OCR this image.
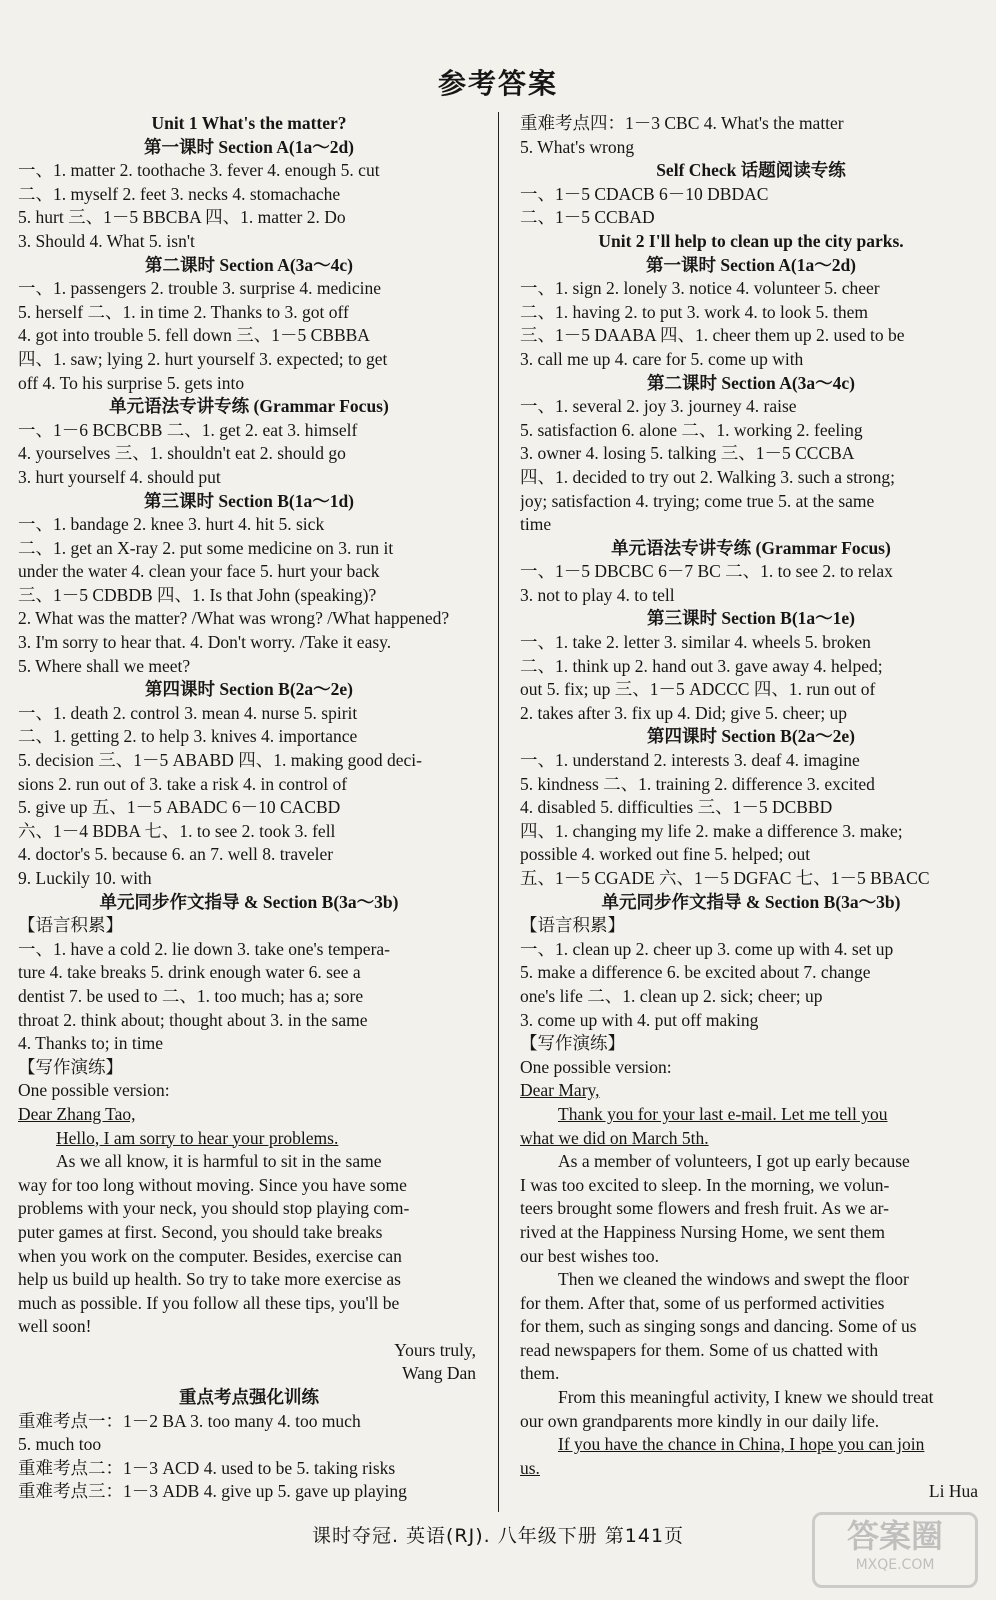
参考答案
Unit 1 What's the matter?
第一课时 Section A(1a～2d)
一、1. matter 2. toothache 3. fever 4. enough 5. cut
二、1. myself 2. feet 3. necks 4. stomachache
5. hurt 三、1－5 BBCBA 四、1. matter 2. Do
3. Should 4. What 5. isn't
第二课时 Section A(3a～4c)
一、1. passengers 2. trouble 3. surprise 4. medicine
5. herself 二、1. in time 2. Thanks to 3. got off
4. got into trouble 5. fell down 三、1－5 CBBBA
四、1. saw; lying 2. hurt yourself 3. expected; to get
off 4. To his surprise 5. gets into
单元语法专讲专练 (Grammar Focus)
一、1－6 BCBCBB 二、1. get 2. eat 3. himself
4. yourselves 三、1. shouldn't eat 2. should go
3. hurt yourself 4. should put
第三课时 Section B(1a～1d)
一、1. bandage 2. knee 3. hurt 4. hit 5. sick
二、1. get an X-ray 2. put some medicine on 3. run it
under the water 4. clean your face 5. hurt your back
三、1－5 CDBDB 四、1. Is that John (speaking)?
2. What was the matter? /What was wrong? /What happened?
3. I'm sorry to hear that. 4. Don't worry. /Take it easy.
5. Where shall we meet?
第四课时 Section B(2a～2e)
一、1. death 2. control 3. mean 4. nurse 5. spirit
二、1. getting 2. to help 3. knives 4. importance
5. decision 三、1－5 ABABD 四、1. making good deci-
sions 2. run out of 3. take a risk 4. in control of
5. give up 五、1－5 ABADC 6－10 CACBD
六、1－4 BDBA 七、1. to see 2. took 3. fell
4. doctor's 5. because 6. an 7. well 8. traveler
9. Luckily 10. with
单元同步作文指导 & Section B(3a～3b)
【语言积累】
一、1. have a cold 2. lie down 3. take one's tempera-
ture 4. take breaks 5. drink enough water 6. see a
dentist 7. be used to 二、1. too much; has a; sore
throat 2. think about; thought about 3. in the same
4. Thanks to; in time
【写作演练】
One possible version:
Dear Zhang Tao,
Hello, I am sorry to hear your problems.
As we all know, it is harmful to sit in the same
way for too long without moving. Since you have some
problems with your neck, you should stop playing com-
puter games at first. Second, you should take breaks
when you work on the computer. Besides, exercise can
help us build up health. So try to take more exercise as
much as possible. If you follow all these tips, you'll be
well soon!
Yours truly,
Wang Dan
重点考点强化训练
重难考点一：1－2 BA 3. too many 4. too much
5. much too
重难考点二：1－3 ACD 4. used to be 5. taking risks
重难考点三：1－3 ADB 4. give up 5. gave up playing
重难考点四：1－3 CBC 4. What's the matter
5. What's wrong
Self Check 话题阅读专练
一、1－5 CDACB 6－10 DBDAC
二、1－5 CCBAD
Unit 2 I'll help to clean up the city parks.
第一课时 Section A(1a～2d)
一、1. sign 2. lonely 3. notice 4. volunteer 5. cheer
二、1. having 2. to put 3. work 4. to look 5. them
三、1－5 DAABA 四、1. cheer them up 2. used to be
3. call me up 4. care for 5. come up with
第二课时 Section A(3a～4c)
一、1. several 2. joy 3. journey 4. raise
5. satisfaction 6. alone 二、1. working 2. feeling
3. owner 4. losing 5. talking 三、1－5 CCCBA
四、1. decided to try out 2. Walking 3. such a strong;
joy; satisfaction 4. trying; come true 5. at the same
time
单元语法专讲专练 (Grammar Focus)
一、1－5 DBCBC 6－7 BC 二、1. to see 2. to relax
3. not to play 4. to tell
第三课时 Section B(1a～1e)
一、1. take 2. letter 3. similar 4. wheels 5. broken
二、1. think up 2. hand out 3. gave away 4. helped;
out 5. fix; up 三、1－5 ADCCC 四、1. run out of
2. takes after 3. fix up 4. Did; give 5. cheer; up
第四课时 Section B(2a～2e)
一、1. understand 2. interests 3. deaf 4. imagine
5. kindness 二、1. training 2. difference 3. excited
4. disabled 5. difficulties 三、1－5 DCBBD
四、1. changing my life 2. make a difference 3. make;
possible 4. worked out fine 5. helped; out
五、1－5 CGADE 六、1－5 DGFAC 七、1－5 BBACC
单元同步作文指导 & Section B(3a～3b)
【语言积累】
一、1. clean up 2. cheer up 3. come up with 4. set up
5. make a difference 6. be excited about 7. change
one's life 二、1. clean up 2. sick; cheer; up
3. come up with 4. put off making
【写作演练】
One possible version:
Dear Mary,
Thank you for your last e-mail. Let me tell you
what we did on March 5th.
As a member of volunteers, I got up early because
I was too excited to sleep. In the morning, we volun-
teers brought some flowers and fresh fruit. As we ar-
rived at the Happiness Nursing Home, we sent them
our best wishes too.
Then we cleaned the windows and swept the floor
for them. After that, some of us performed activities
for them, such as singing songs and dancing. Some of us
read newspapers for them. Some of us chatted with
them.
From this meaningful activity, I knew we should treat
our own grandparents more kindly in our daily life.
If you have the chance in China, I hope you can join
us.
Li Hua
课时夺冠. 英语(RJ). 八年级下册 第141页	答案圈
MXQE.COM
